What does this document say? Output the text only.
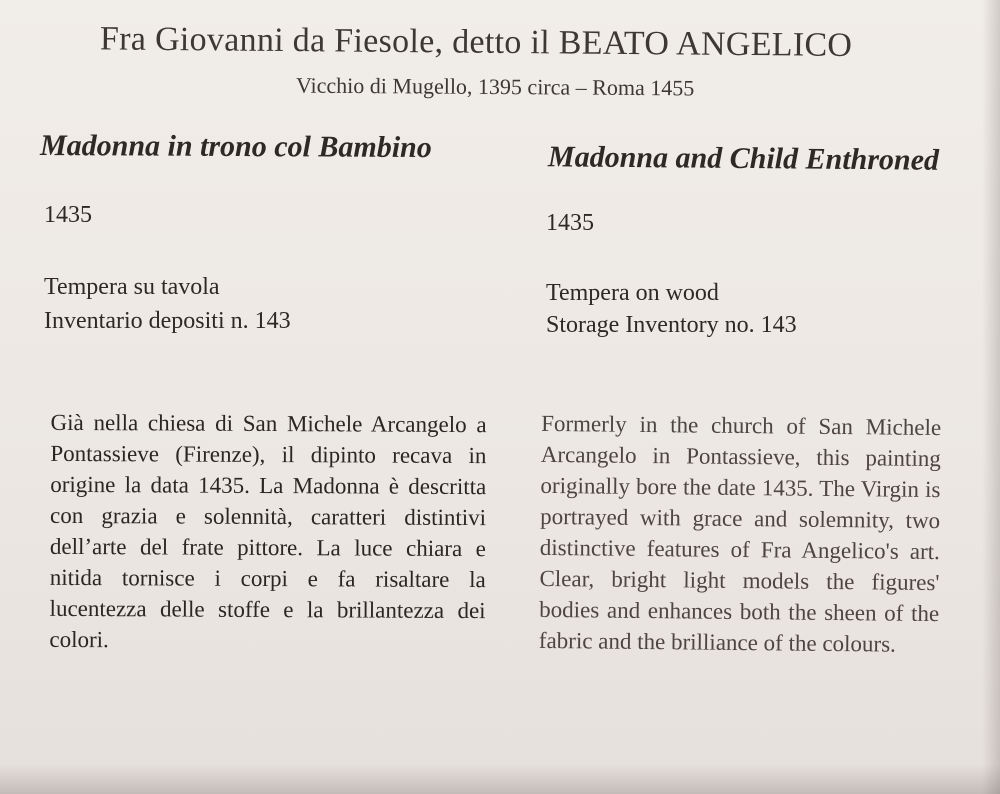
Fra Giovanni da Fiesole, detto il BEATO ANGELICO
Vicchio di Mugello, 1395 circa – Roma 1455
Madonna in trono col Bambino	Madonna and Child Enthroned
1435	1435
Tempera su tavola
Inventario depositi n. 143
Tempera on wood
Storage Inventory no. 143
Già nella chiesa di San Michele Arcangelo a Pontassieve (Firenze), il dipinto recava in origine la data 1435. La Madonna è descritta con grazia e solennità, caratteri distintivi dell’arte del frate pittore. La luce chiara e nitida tornisce i corpi e fa risaltare la lucentezza delle stoffe e la brillantezza dei colori.
Formerly in the church of San Michele Arcangelo in Pontassieve, this painting originally bore the date 1435. The Virgin is portrayed with grace and solemnity, two distinctive features of Fra Angelico's art. Clear, bright light models the figures' bodies and enhances both the sheen of the fabric and the brilliance of the colours.
